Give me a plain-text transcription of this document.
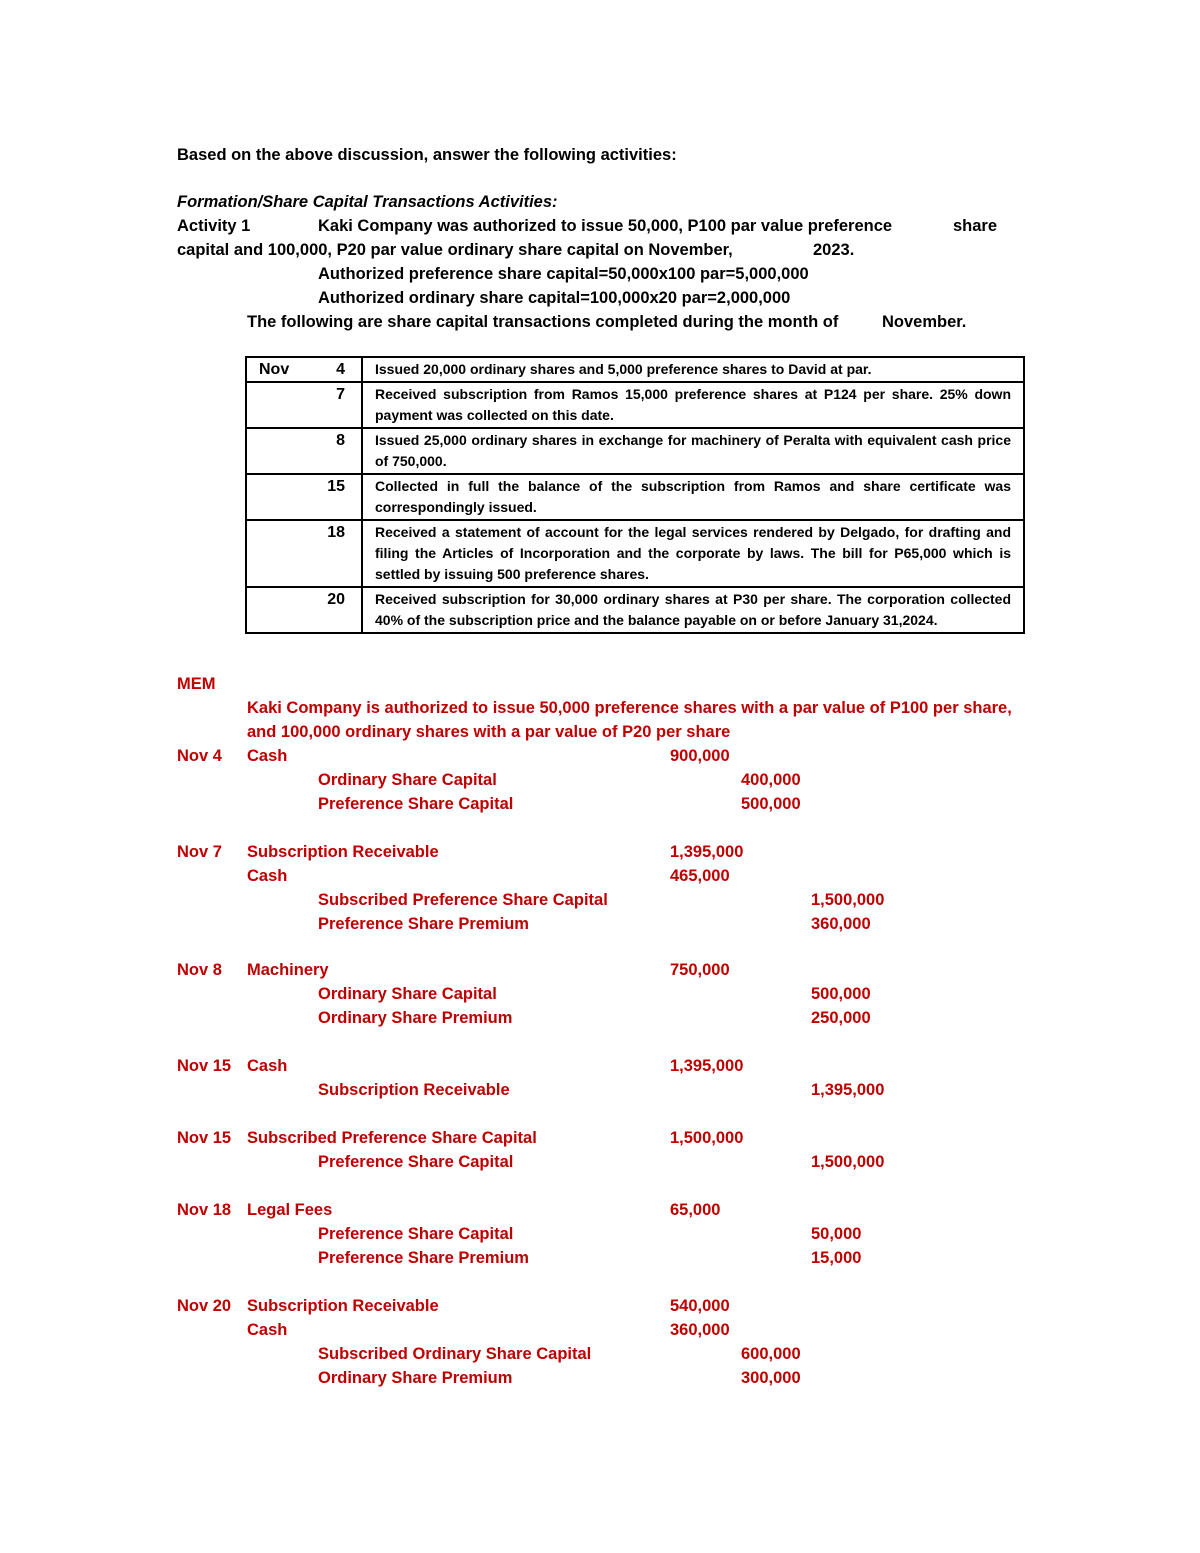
Based on the above discussion, answer the following activities:
Formation/Share Capital Transactions Activities:
Activity 1	Kaki Company was authorized to issue 50,000, P100 par value preference	share
capital and 100,000, P20 par value ordinary share capital on November,	2023.
Authorized preference share capital=50,000x100 par=5,000,000
Authorized ordinary share capital=100,000x20 par=2,000,000
The following are share capital transactions completed during the month of	November.
Nov 4	Issued 20,000 ordinary shares and 5,000 preference shares to David at par.

7	Received subscription from Ramos 15,000 preference shares at P124 per share. 25% down payment was collected on this date.

8	Issued 25,000 ordinary shares in exchange for machinery of Peralta with equivalent cash price of 750,000.

15	Collected in full the balance of the subscription from Ramos and share certificate was correspondingly issued.

18	Received a statement of account for the legal services rendered by Delgado, for drafting and filing the Articles of Incorporation and the corporate by laws. The bill for P65,000 which is settled by issuing 500 preference shares.

20	Received subscription for 30,000 ordinary shares at P30 per share. The corporation collected 40% of the subscription price and the balance payable on or before January 31,2024.
MEM
Kaki Company is authorized to issue 50,000 preference shares with a par value of P100 per share,
and 100,000 ordinary shares with a par value of P20 per share
Nov 4 Cash	900,000
Ordinary Share Capital	400,000
Preference Share Capital	500,000
Nov 7 Subscription Receivable	1,395,000
Cash	465,000
Subscribed Preference Share Capital	1,500,000
Preference Share Premium	360,000
Nov 8 Machinery	750,000
Ordinary Share Capital	500,000
Ordinary Share Premium	250,000
Nov 15 Cash	1,395,000
Subscription Receivable	1,395,000
Nov 15 Subscribed Preference Share Capital	1,500,000
Preference Share Capital	1,500,000
Nov 18 Legal Fees	65,000
Preference Share Capital	50,000
Preference Share Premium	15,000
Nov 20 Subscription Receivable	540,000
Cash	360,000
Subscribed Ordinary Share Capital	600,000
Ordinary Share Premium	300,000
